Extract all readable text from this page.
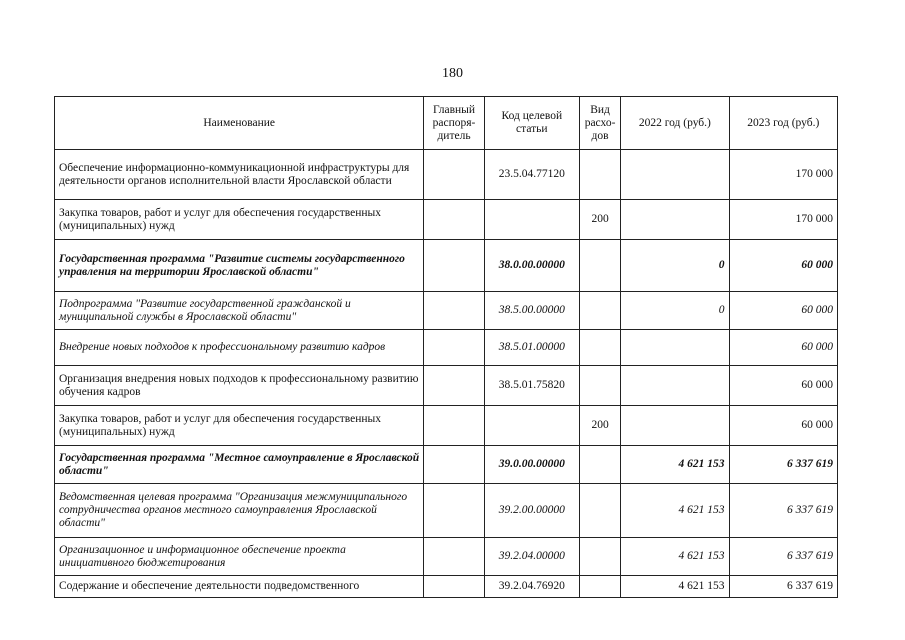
180
Наименование	Главный распоря-дитель	Код целевой статьи	Вид расхо-дов	2022 год (руб.)	2023 год (руб.)
Обеспечение информационно-коммуникационной инфраструктуры для деятельности органов исполнительной власти Ярославской области		23.5.04.77120			170 000
Закупка товаров, работ и услуг для обеспечения государственных (муниципальных) нужд			200		170 000
Государственная программа "Развитие системы государственного управления на территории Ярославской области"		38.0.00.00000		0	60 000
Подпрограмма "Развитие государственной гражданской и муниципальной службы в Ярославской области"		38.5.00.00000		0	60 000
Внедрение новых подходов к профессиональному развитию кадров		38.5.01.00000			60 000
Организация внедрения новых подходов к профессиональному развитию обучения кадров		38.5.01.75820			60 000
Закупка товаров, работ и услуг для обеспечения государственных (муниципальных) нужд			200		60 000
Государственная программа "Местное самоуправление в Ярославской области"		39.0.00.00000		4 621 153	6 337 619
Ведомственная целевая программа "Организация межмуниципального сотрудничества органов местного самоуправления Ярославской области"		39.2.00.00000		4 621 153	6 337 619
Организационное и информационное обеспечение проекта инициативного бюджетирования		39.2.04.00000		4 621 153	6 337 619
Содержание и обеспечение деятельности подведомственного		39.2.04.76920		4 621 153	6 337 619
